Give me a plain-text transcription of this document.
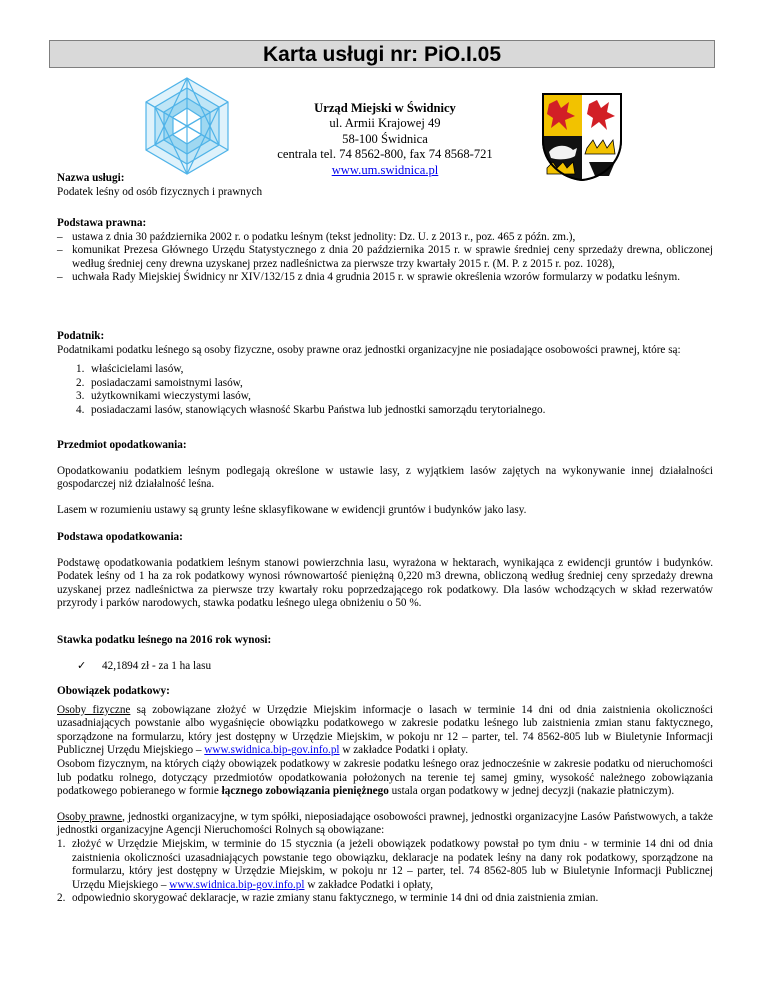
Karta usługi nr: PiO.I.05
Urząd Miejski w Świdnicy
ul. Armii Krajowej 49
58-100 Świdnica
centrala tel. 74 8562-800, fax 74 8568-721
www.um.swidnica.pl
Nazwa usługi:
Podatek leśny od osób fizycznych i prawnych
Podstawa prawna:
– ustawa z dnia 30 października 2002 r. o podatku leśnym (tekst jednolity: Dz. U. z 2013 r., poz. 465 z późn. zm.),
– komunikat Prezesa Głównego Urzędu Statystycznego z dnia 20 października 2015 r. w sprawie średniej ceny sprzedaży drewna, obliczonej według średniej ceny drewna uzyskanej przez nadleśnictwa za pierwsze trzy kwartały 2015 r. (M. P. z 2015 r. poz. 1028),
– uchwała Rady Miejskiej Świdnicy nr XIV/132/15 z dnia 4 grudnia 2015 r. w sprawie określenia wzorów formularzy w podatku leśnym.
Podatnik:
Podatnikami podatku leśnego są osoby fizyczne, osoby prawne oraz jednostki organizacyjne nie posiadające osobowości prawnej, które są:
1. właścicielami lasów,
2. posiadaczami samoistnymi lasów,
3. użytkownikami wieczystymi lasów,
4. posiadaczami lasów, stanowiących własność Skarbu Państwa lub jednostki samorządu terytorialnego.
Przedmiot opodatkowania:
Opodatkowaniu podatkiem leśnym podlegają określone w ustawie lasy, z wyjątkiem lasów zajętych na wykonywanie innej działalności gospodarczej niż działalność leśna.
Lasem w rozumieniu ustawy są grunty leśne sklasyfikowane w ewidencji gruntów i budynków jako lasy.
Podstawa opodatkowania:
Podstawę opodatkowania podatkiem leśnym stanowi powierzchnia lasu, wyrażona w hektarach, wynikająca z ewidencji gruntów i budynków. Podatek leśny od 1 ha za rok podatkowy wynosi równowartość pieniężną 0,220 m3 drewna, obliczoną według średniej ceny sprzedaży drewna uzyskanej przez nadleśnictwa za pierwsze trzy kwartały roku poprzedzającego rok podatkowy. Dla lasów wchodzących w skład rezerwatów przyrody i parków narodowych, stawka podatku leśnego ulega obniżeniu o 50 %.
Stawka podatku leśnego na 2016 rok wynosi:
✓ 42,1894 zł - za 1 ha lasu
Obowiązek podatkowy:
Osoby fizyczne są zobowiązane złożyć w Urzędzie Miejskim informacje o lasach w terminie 14 dni od dnia zaistnienia okoliczności uzasadniających powstanie albo wygaśnięcie obowiązku podatkowego w zakresie podatku leśnego lub zaistnienia zmian stanu faktycznego, sporządzone na formularzu, który jest dostępny w Urzędzie Miejskim, w pokoju nr 12 – parter, tel. 74 8562-805 lub w Biuletynie Informacji Publicznej Urzędu Miejskiego – www.swidnica.bip-gov.info.pl w zakładce Podatki i opłaty.
Osobom fizycznym, na których ciąży obowiązek podatkowy w zakresie podatku leśnego oraz jednocześnie w zakresie podatku od nieruchomości lub podatku rolnego, dotyczący przedmiotów opodatkowania położonych na terenie tej samej gminy, wysokość należnego zobowiązania podatkowego pobieranego w formie łącznego zobowiązania pieniężnego ustala organ podatkowy w jednej decyzji (nakazie płatniczym).
Osoby prawne, jednostki organizacyjne, w tym spółki, nieposiadające osobowości prawnej, jednostki organizacyjne Lasów Państwowych, a także jednostki organizacyjne Agencji Nieruchomości Rolnych są obowiązane:
1. złożyć w Urzędzie Miejskim, w terminie do 15 stycznia (a jeżeli obowiązek podatkowy powstał po tym dniu - w terminie 14 dni od dnia zaistnienia okoliczności uzasadniających powstanie tego obowiązku, deklaracje na podatek leśny na dany rok podatkowy, sporządzone na formularzu, który jest dostępny w Urzędzie Miejskim, w pokoju nr 12 – parter, tel. 74 8562-805 lub w Biuletynie Informacji Publicznej Urzędu Miejskiego – www.swidnica.bip-gov.info.pl w zakładce Podatki i opłaty,
2. odpowiednio skorygować deklaracje, w razie zmiany stanu faktycznego, w terminie 14 dni od dnia zaistnienia zmian.
